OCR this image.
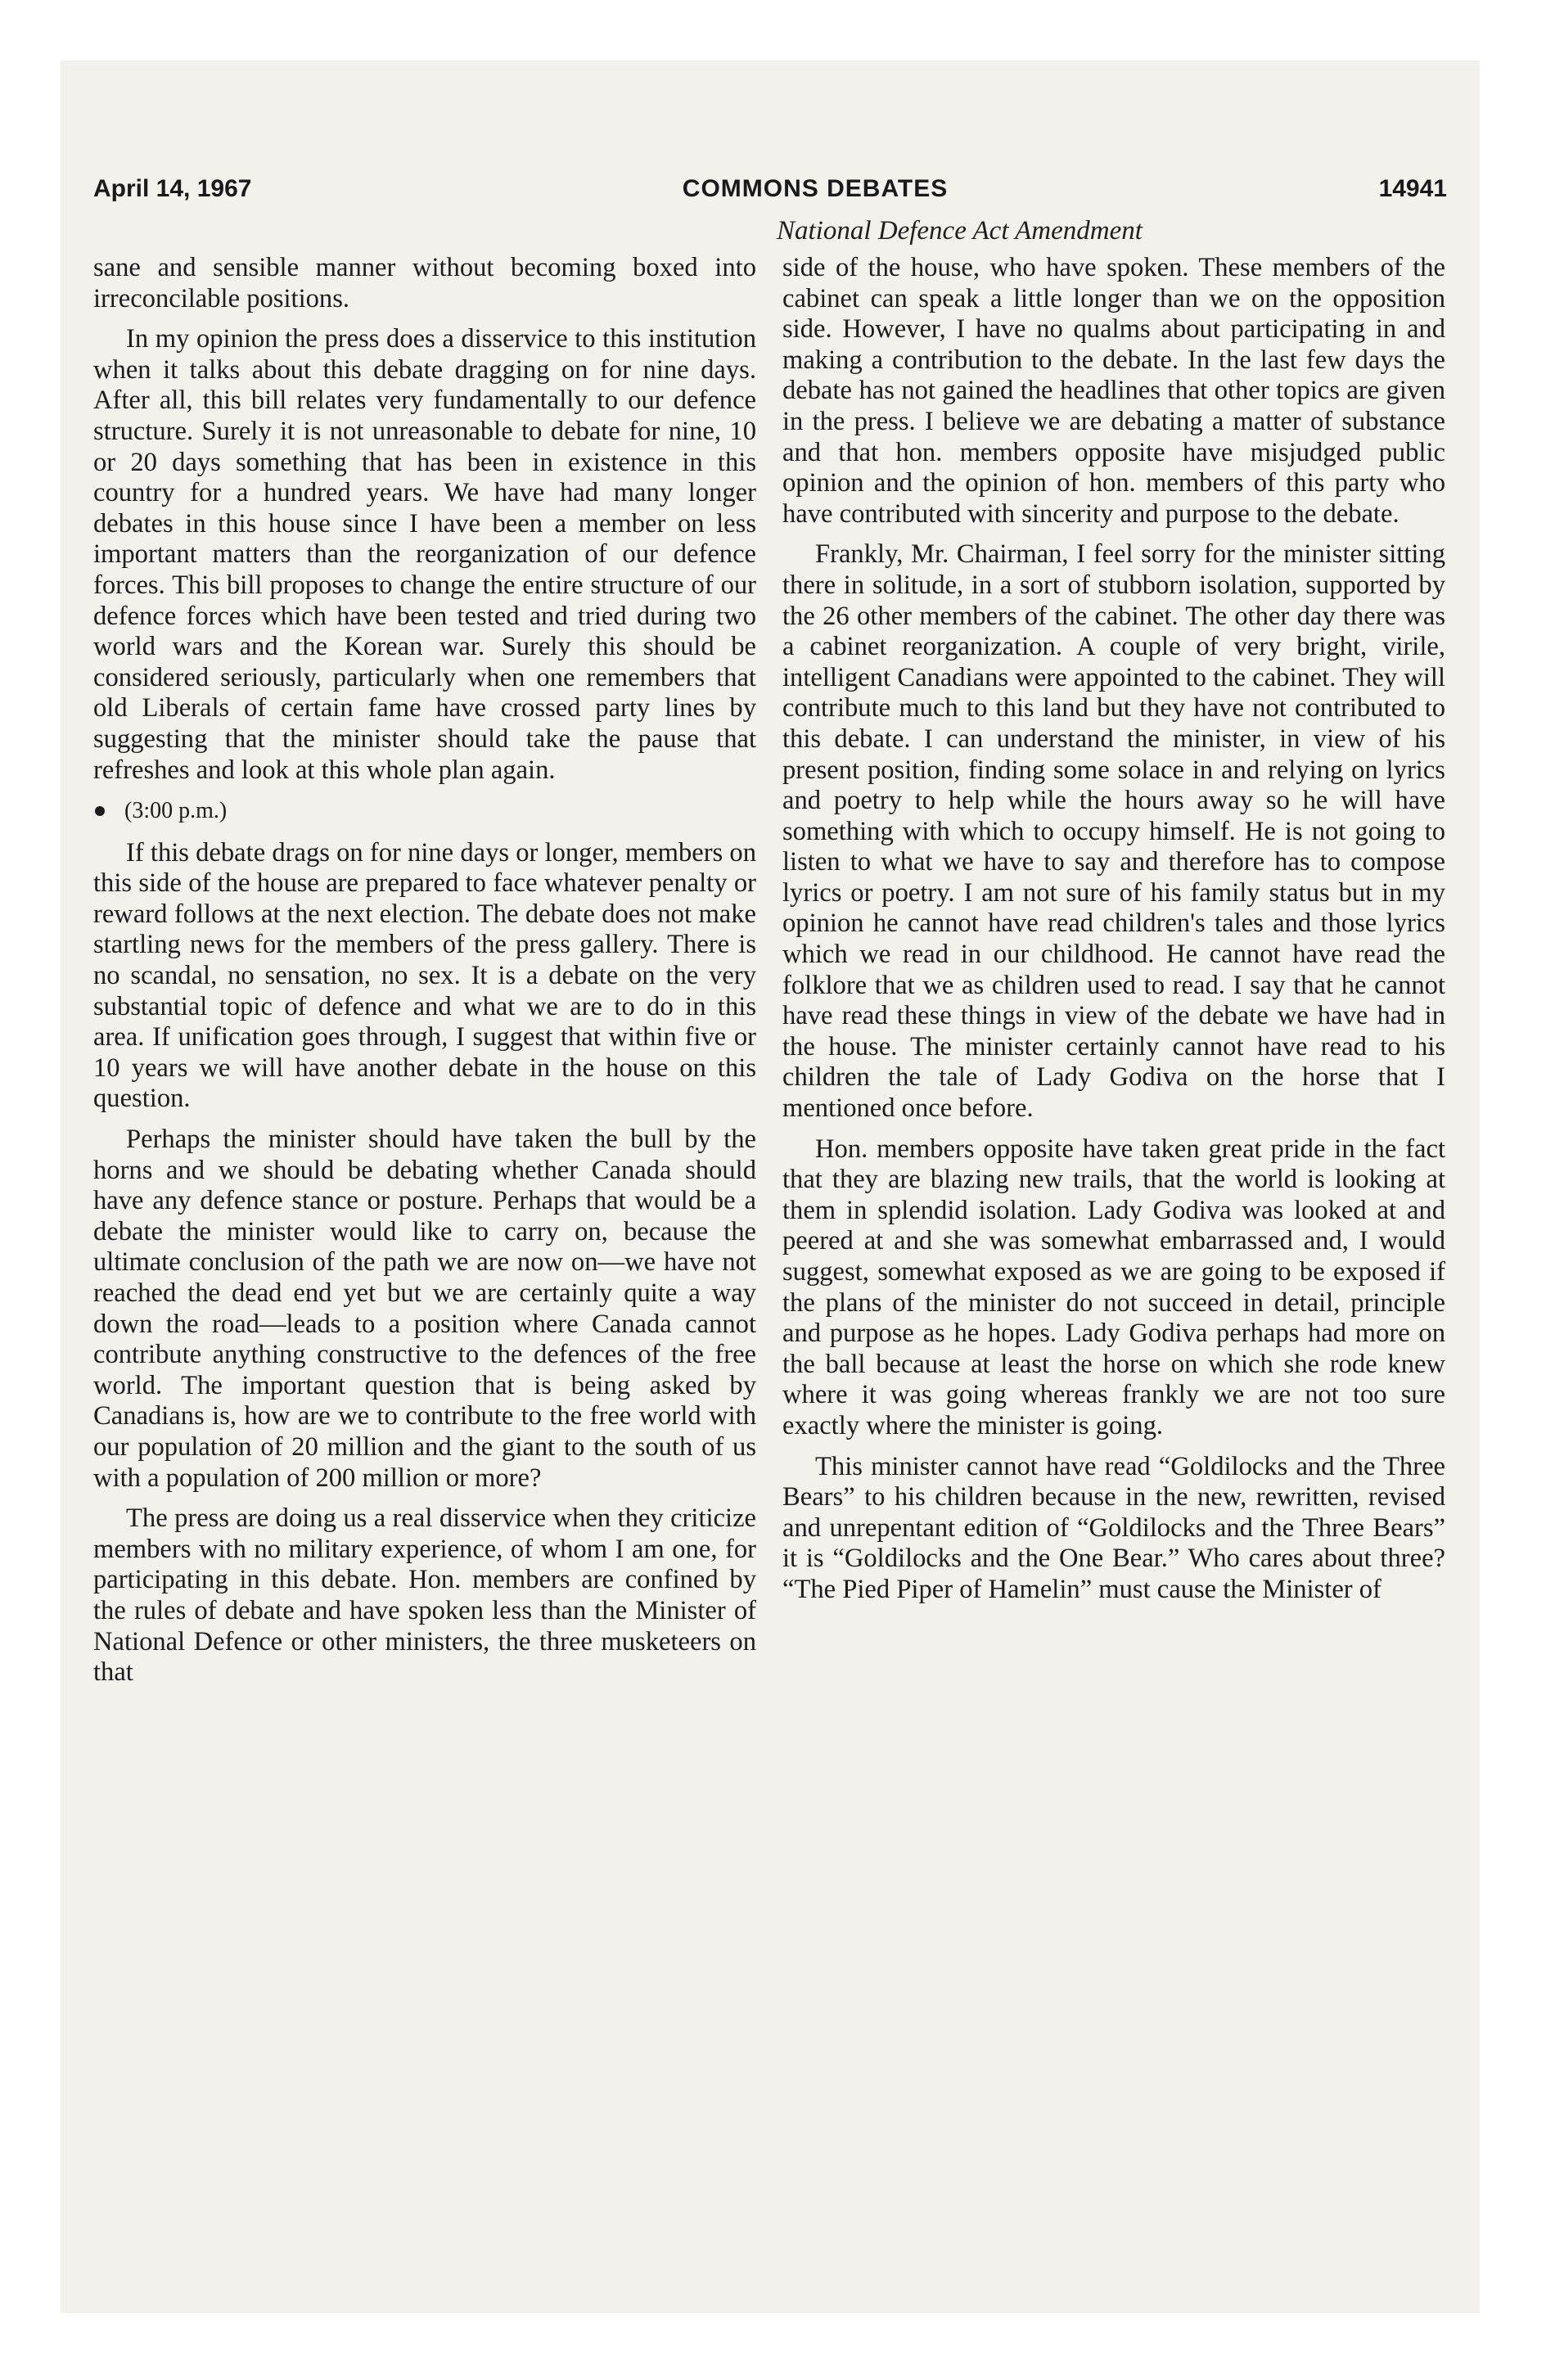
April 14, 1967	COMMONS DEBATES	14941
National Defence Act Amendment

sane and sensible manner without becoming boxed into irreconcilable positions.

In my opinion the press does a disservice to this institution when it talks about this debate dragging on for nine days. After all, this bill relates very fundamentally to our defence structure. Surely it is not unreasonable to debate for nine, 10 or 20 days something that has been in existence in this country for a hundred years. We have had many longer debates in this house since I have been a member on less important matters than the reorganization of our defence forces. This bill proposes to change the entire structure of our defence forces which have been tested and tried during two world wars and the Korean war. Surely this should be considered seriously, particularly when one remembers that old Liberals of certain fame have crossed party lines by suggesting that the minister should take the pause that refreshes and look at this whole plan again.

(3:00 p.m.)

If this debate drags on for nine days or longer, members on this side of the house are prepared to face whatever penalty or reward follows at the next election. The debate does not make startling news for the members of the press gallery. There is no scandal, no sensation, no sex. It is a debate on the very substantial topic of defence and what we are to do in this area. If unification goes through, I suggest that within five or 10 years we will have another debate in the house on this question.

Perhaps the minister should have taken the bull by the horns and we should be debating whether Canada should have any defence stance or posture. Perhaps that would be a debate the minister would like to carry on, because the ultimate conclusion of the path we are now on—we have not reached the dead end yet but we are certainly quite a way down the road—leads to a position where Canada cannot contribute anything constructive to the defences of the free world. The important question that is being asked by Canadians is, how are we to contribute to the free world with our population of 20 million and the giant to the south of us with a population of 200 million or more?

The press are doing us a real disservice when they criticize members with no military experience, of whom I am one, for participating in this debate. Hon. members are confined by the rules of debate and have spoken less than the Minister of National Defence or other ministers, the three musketeers on that

side of the house, who have spoken. These members of the cabinet can speak a little longer than we on the opposition side. However, I have no qualms about participating in and making a contribution to the debate. In the last few days the debate has not gained the headlines that other topics are given in the press. I believe we are debating a matter of substance and that hon. members opposite have misjudged public opinion and the opinion of hon. members of this party who have contributed with sincerity and purpose to the debate.

Frankly, Mr. Chairman, I feel sorry for the minister sitting there in solitude, in a sort of stubborn isolation, supported by the 26 other members of the cabinet. The other day there was a cabinet reorganization. A couple of very bright, virile, intelligent Canadians were appointed to the cabinet. They will contribute much to this land but they have not contributed to this debate. I can understand the minister, in view of his present position, finding some solace in and relying on lyrics and poetry to help while the hours away so he will have something with which to occupy himself. He is not going to listen to what we have to say and therefore has to compose lyrics or poetry. I am not sure of his family status but in my opinion he cannot have read children's tales and those lyrics which we read in our childhood. He cannot have read the folklore that we as children used to read. I say that he cannot have read these things in view of the debate we have had in the house. The minister certainly cannot have read to his children the tale of Lady Godiva on the horse that I mentioned once before.

Hon. members opposite have taken great pride in the fact that they are blazing new trails, that the world is looking at them in splendid isolation. Lady Godiva was looked at and peered at and she was somewhat embarrassed and, I would suggest, somewhat exposed as we are going to be exposed if the plans of the minister do not succeed in detail, principle and purpose as he hopes. Lady Godiva perhaps had more on the ball because at least the horse on which she rode knew where it was going whereas frankly we are not too sure exactly where the minister is going.

This minister cannot have read “Goldilocks and the Three Bears” to his children because in the new, rewritten, revised and unrepentant edition of “Goldilocks and the Three Bears” it is “Goldilocks and the One Bear.” Who cares about three? “The Pied Piper of Hamelin” must cause the Minister of
